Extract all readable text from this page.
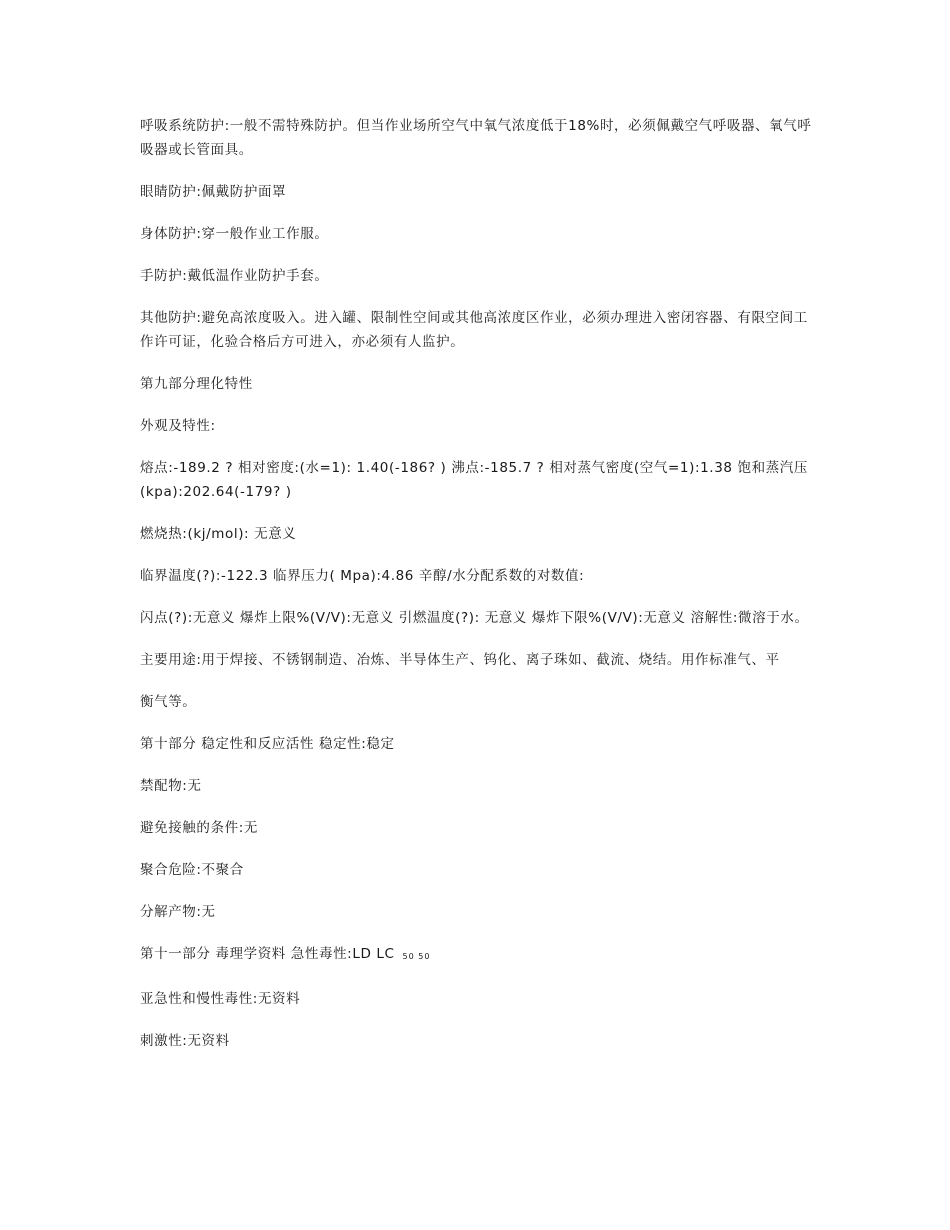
呼吸系统防护:一般不需特殊防护。但当作业场所空气中氧气浓度低于18%时，必须佩戴空气呼吸器、氧气呼吸器或长管面具。

眼睛防护:佩戴防护面罩

身体防护:穿一般作业工作服。

手防护:戴低温作业防护手套。

其他防护:避免高浓度吸入。进入罐、限制性空间或其他高浓度区作业，必须办理进入密闭容器、有限空间工作许可证，化验合格后方可进入，亦必须有人监护。

第九部分理化特性

外观及特性:

熔点:-189.2 ? 相对密度:(水=1): 1.40(-186? ) 沸点:-185.7 ? 相对蒸气密度(空气=1):1.38 饱和蒸汽压(kpa):202.64(-179? )

燃烧热:(kj/mol): 无意义

临界温度(?):-122.3 临界压力( Mpa):4.86 辛醇/水分配系数的对数值:

闪点(?):无意义 爆炸上限%(V/V):无意义 引燃温度(?): 无意义 爆炸下限%(V/V):无意义 溶解性:微溶于水。

主要用途:用于焊接、不锈钢制造、冶炼、半导体生产、钨化、离子珠如、截流、烧结。用作标准气、平

衡气等。

第十部分 稳定性和反应活性 稳定性:稳定

禁配物:无

避免接触的条件:无

聚合危险:不聚合

分解产物:无

第十一部分 毒理学资料 急性毒性:LD LC 50 50

亚急性和慢性毒性:无资料

刺激性:无资料
